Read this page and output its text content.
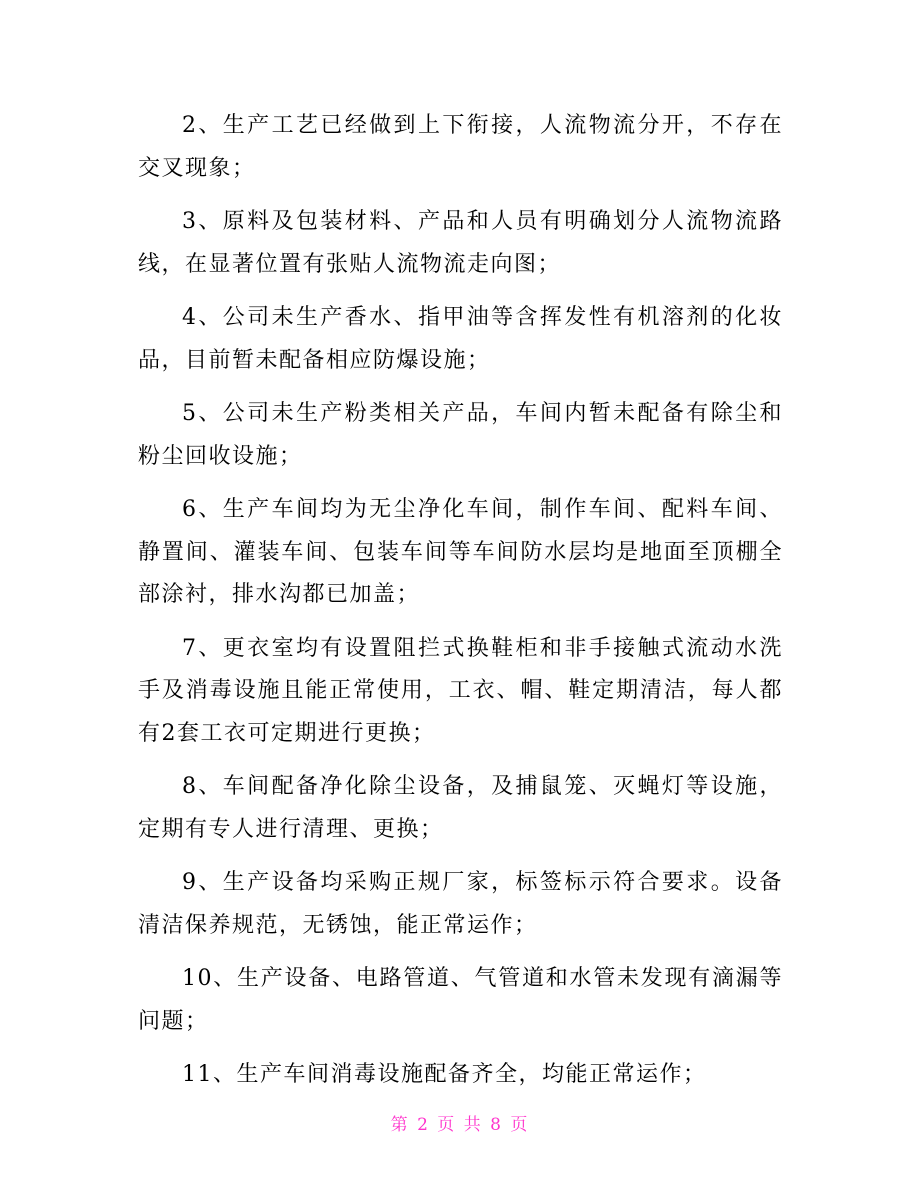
2、生产工艺已经做到上下衔接，人流物流分开，不存在交叉现象；

3、原料及包装材料、产品和人员有明确划分人流物流路线，在显著位置有张贴人流物流走向图；

4、公司未生产香水、指甲油等含挥发性有机溶剂的化妆品，目前暂未配备相应防爆设施；

5、公司未生产粉类相关产品，车间内暂未配备有除尘和粉尘回收设施；

6、生产车间均为无尘净化车间，制作车间、配料车间、静置间、灌装车间、包装车间等车间防水层均是地面至顶棚全部涂衬，排水沟都已加盖；

7、更衣室均有设置阻拦式换鞋柜和非手接触式流动水洗手及消毒设施且能正常使用，工衣、帽、鞋定期清洁，每人都有2套工衣可定期进行更换；

8、车间配备净化除尘设备，及捕鼠笼、灭蝇灯等设施，定期有专人进行清理、更换；

9、生产设备均采购正规厂家，标签标示符合要求。设备清洁保养规范，无锈蚀，能正常运作；

10、生产设备、电路管道、气管道和水管未发现有滴漏等问题；

11、生产车间消毒设施配备齐全，均能正常运作；

第 2 页 共 8 页
